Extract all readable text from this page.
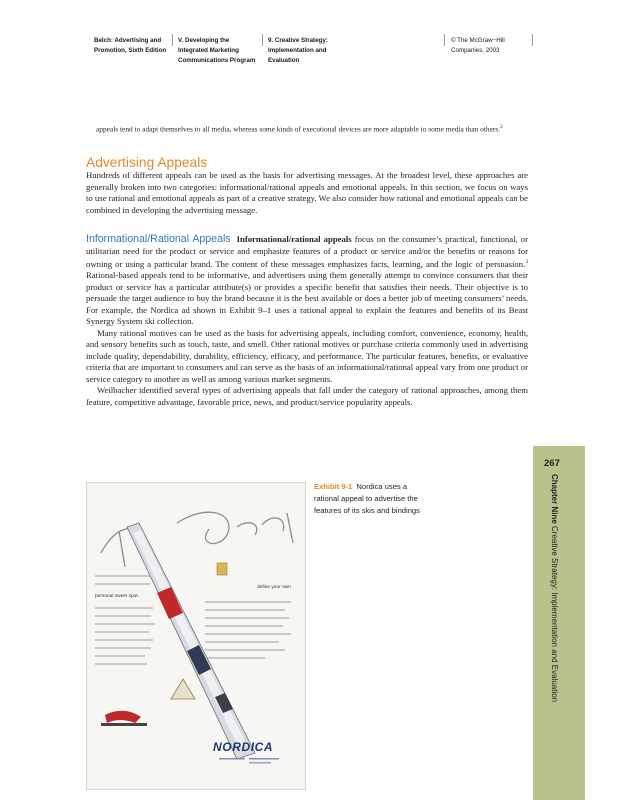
Belch: Advertising and
Promotion, Sixth Edition
V. Developing the
Integrated Marketing
Communications Program
9. Creative Strategy:
Implementation and
Evaluation
© The McGraw−Hill
Companies, 2003
appeals tend to adapt themselves to all media, whereas some kinds of executional devices are more adaptable to some media than others.$^2$
Advertising Appeals

Hundreds of different appeals can be used as the basis for advertising messages. At the broadest level, these approaches are generally broken into two categories: informational/rational appeals and emotional appeals. In this section, we focus on ways to use rational and emotional appeals as part of a creative strategy. We also consider how rational and emotional appeals can be combined in developing the advertising message.

Informational/Rational Appeals Informational/rational appeals focus on the consumer’s practical, functional, or utilitarian need for the product or service and emphasize features of a product or service and/or the benefits or reasons for owning or using a particular brand. The content of these messages emphasizes facts, learning, and the logic of persuasion.$^3$ Rational-based appeals tend to be informative, and advertisers using them generally attempt to convince consumers that their product or service has a particular attribute(s) or provides a specific benefit that satisfies their needs. Their objective is to persuade the target audience to buy the brand because it is the best available or does a better job of meeting consumers’ needs. For example, the Nordica ad shown in Exhibit 9–1 uses a rational appeal to explain the features and benefits of its Beast Synergy System ski collection.

Many rational motives can be used as the basis for advertising appeals, including comfort, convenience, economy, health, and sensory benefits such as touch, taste, and smell. Other rational motives or purchase criteria commonly used in advertising include quality, dependability, durability, efficiency, efficacy, and performance. The particular features, benefits, or evaluative criteria that are important to consumers and can serve as the basis of an informational/rational appeal vary from one product or service category to another as well as among various market segments.

Weilbacher identified several types of advertising appeals that fall under the category of rational approaches, among them feature, competitive advantage, favorable price, news, and product/service popularity appeals.

267
Chapter Nine Creative Strategy: Implementation and Evaluation
Exhibit 9-1 Nordica uses a rational appeal to advertise the features of its skis and bindings
personal sweet spot.
define your own
NORDICA
